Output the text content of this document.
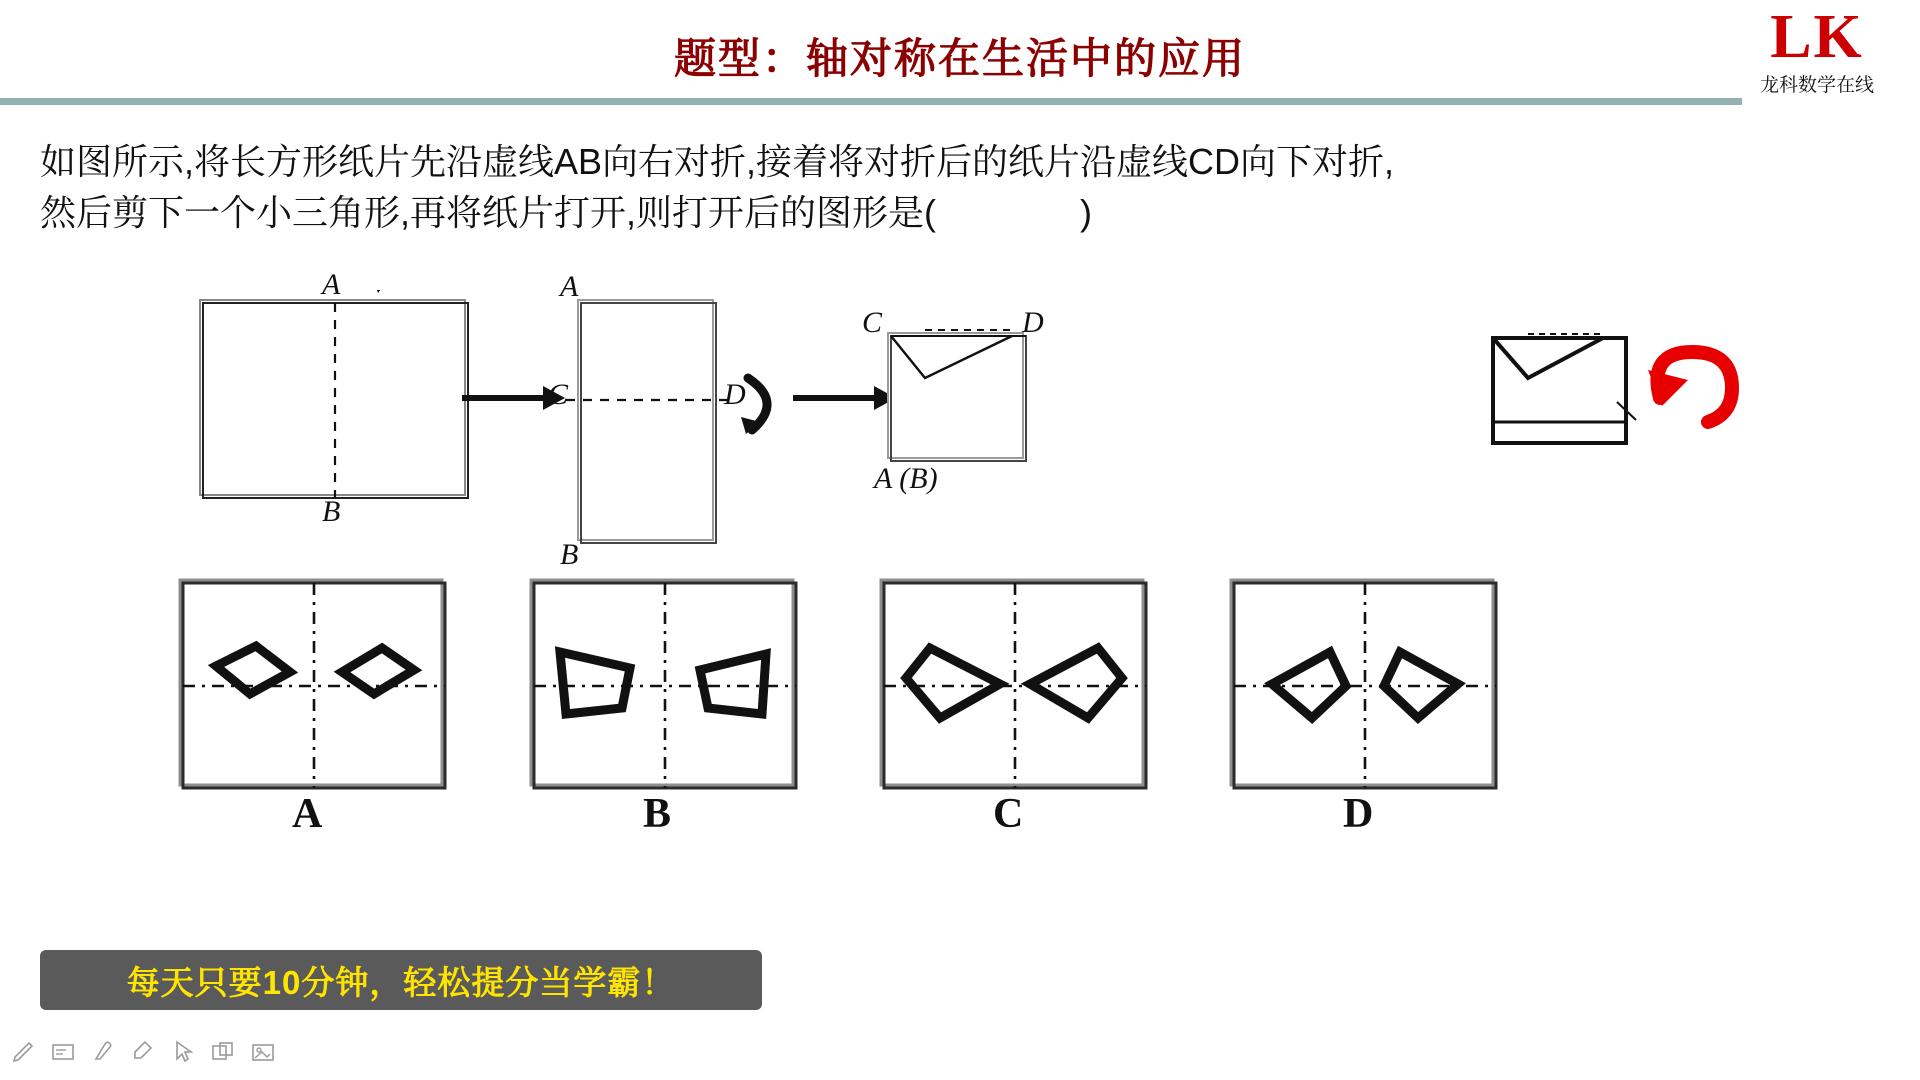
题型：轴对称在生活中的应用	LK
龙科数学在线
如图所示,将长方形纸片先沿虚线AB向右对折,接着将对折后的纸片沿虚线CD向下对折,
然后剪下一个小三角形,再将纸片打开,则打开后的图形是(　　　　)
A
B
A
B
C	D
C	D
A (B)
A	B	C	D
每天只要10分钟，轻松提分当学霸！
